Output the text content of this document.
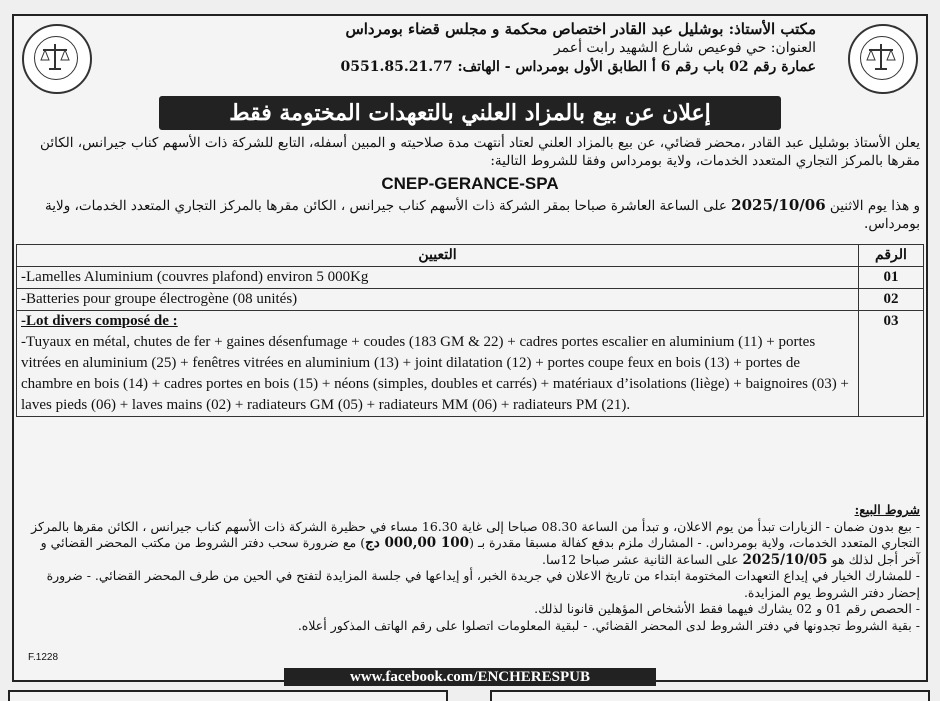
مكتب الأستاذ: بوشليل عبد القادر اختصاص محكمة و مجلس قضاء بومرداس
العنوان: حي فوعيص شارع الشهيد رابت أعمر
عمارة رقم 02 باب رقم 6 أ الطابق الأول بومرداس - الهاتف: 0551.85.21.77
إعلان عن بيع بالمزاد العلني بالتعهدات المختومة فقط
يعلن الأستاذ بوشليل عبد القادر ،محضر قضائي، عن بيع بالمزاد العلني لعتاد أنتهت مدة صلاحيته و المبين أسفله، التابع للشركة ذات الأسهم كناب جيرانس، الكائن مقرها بالمركز التجاري المتعدد الخدمات، ولاية بومرداس وفقا للشروط التالية:
CNEP-GERANCE-SPA
و هذا يوم الاثنين 2025/10/06 على الساعة العاشرة صباحا بمقر الشركة ذات الأسهم كناب جيرانس ، الكائن مقرها بالمركز التجاري المتعدد الخدمات، ولاية بومرداس.
التعيين	الرقم
-Lamelles Aluminium (couvres plafond) environ 5 000Kg	01
-Batteries pour groupe électrogène (08 unités)	02

-Lot divers composé de :
-Tuyaux en métal, chutes de fer + gaines désenfumage + coudes (183 GM & 22) + cadres portes escalier en aluminium (11) + portes vitrées en aluminium (25) + fenêtres vitrées en aluminium (13) + joint dilatation (12) + portes coupe feux en bois (13) + portes de chambre en bois (14) + cadres portes en bois (15) + néons (simples, doubles et carrés) + matériaux d’isolations (liège) + baignoires (03) + laves pieds (06) + laves mains (02) + radiateurs GM (05) + radiateurs MM (06) + radiateurs PM (21).	03
شروط البيع:
- بيع بدون ضمان - الزيارات تبدأ من يوم الاعلان، و تبدأ من الساعة 08.30 صباحا إلى غاية 16.30 مساء في حظيرة الشركة ذات الأسهم كناب جيرانس ، الكائن مقرها بالمركز التجاري المتعدد الخدمات، ولاية بومرداس. - المشارك ملزم بدفع كفالة مسبقا مقدرة بـ (100 000,00 دج) مع ضرورة سحب دفتر الشروط من مكتب المحضر القضائي و آخر أجل لذلك هو 2025/10/05 على الساعة الثانية عشر صباحا 12سا.
- للمشارك الخيار في إيداع التعهدات المختومة ابتداء من تاريخ الاعلان في جريدة الخبر، أو إيداعها في جلسة المزايدة لتفتح في الحين من طرف المحضر القضائي. - ضرورة إحضار دفتر الشروط يوم المزايدة.
- الحصص رقم 01 و 02 يشارك فيهما فقط الأشخاص المؤهلين قانونا لذلك.
- بقية الشروط تجدونها في دفتر الشروط لدى المحضر القضائي. - لبقية المعلومات اتصلوا على رقم الهاتف المذكور أعلاه.
F.1228
www.facebook.com/ENCHERESPUB
